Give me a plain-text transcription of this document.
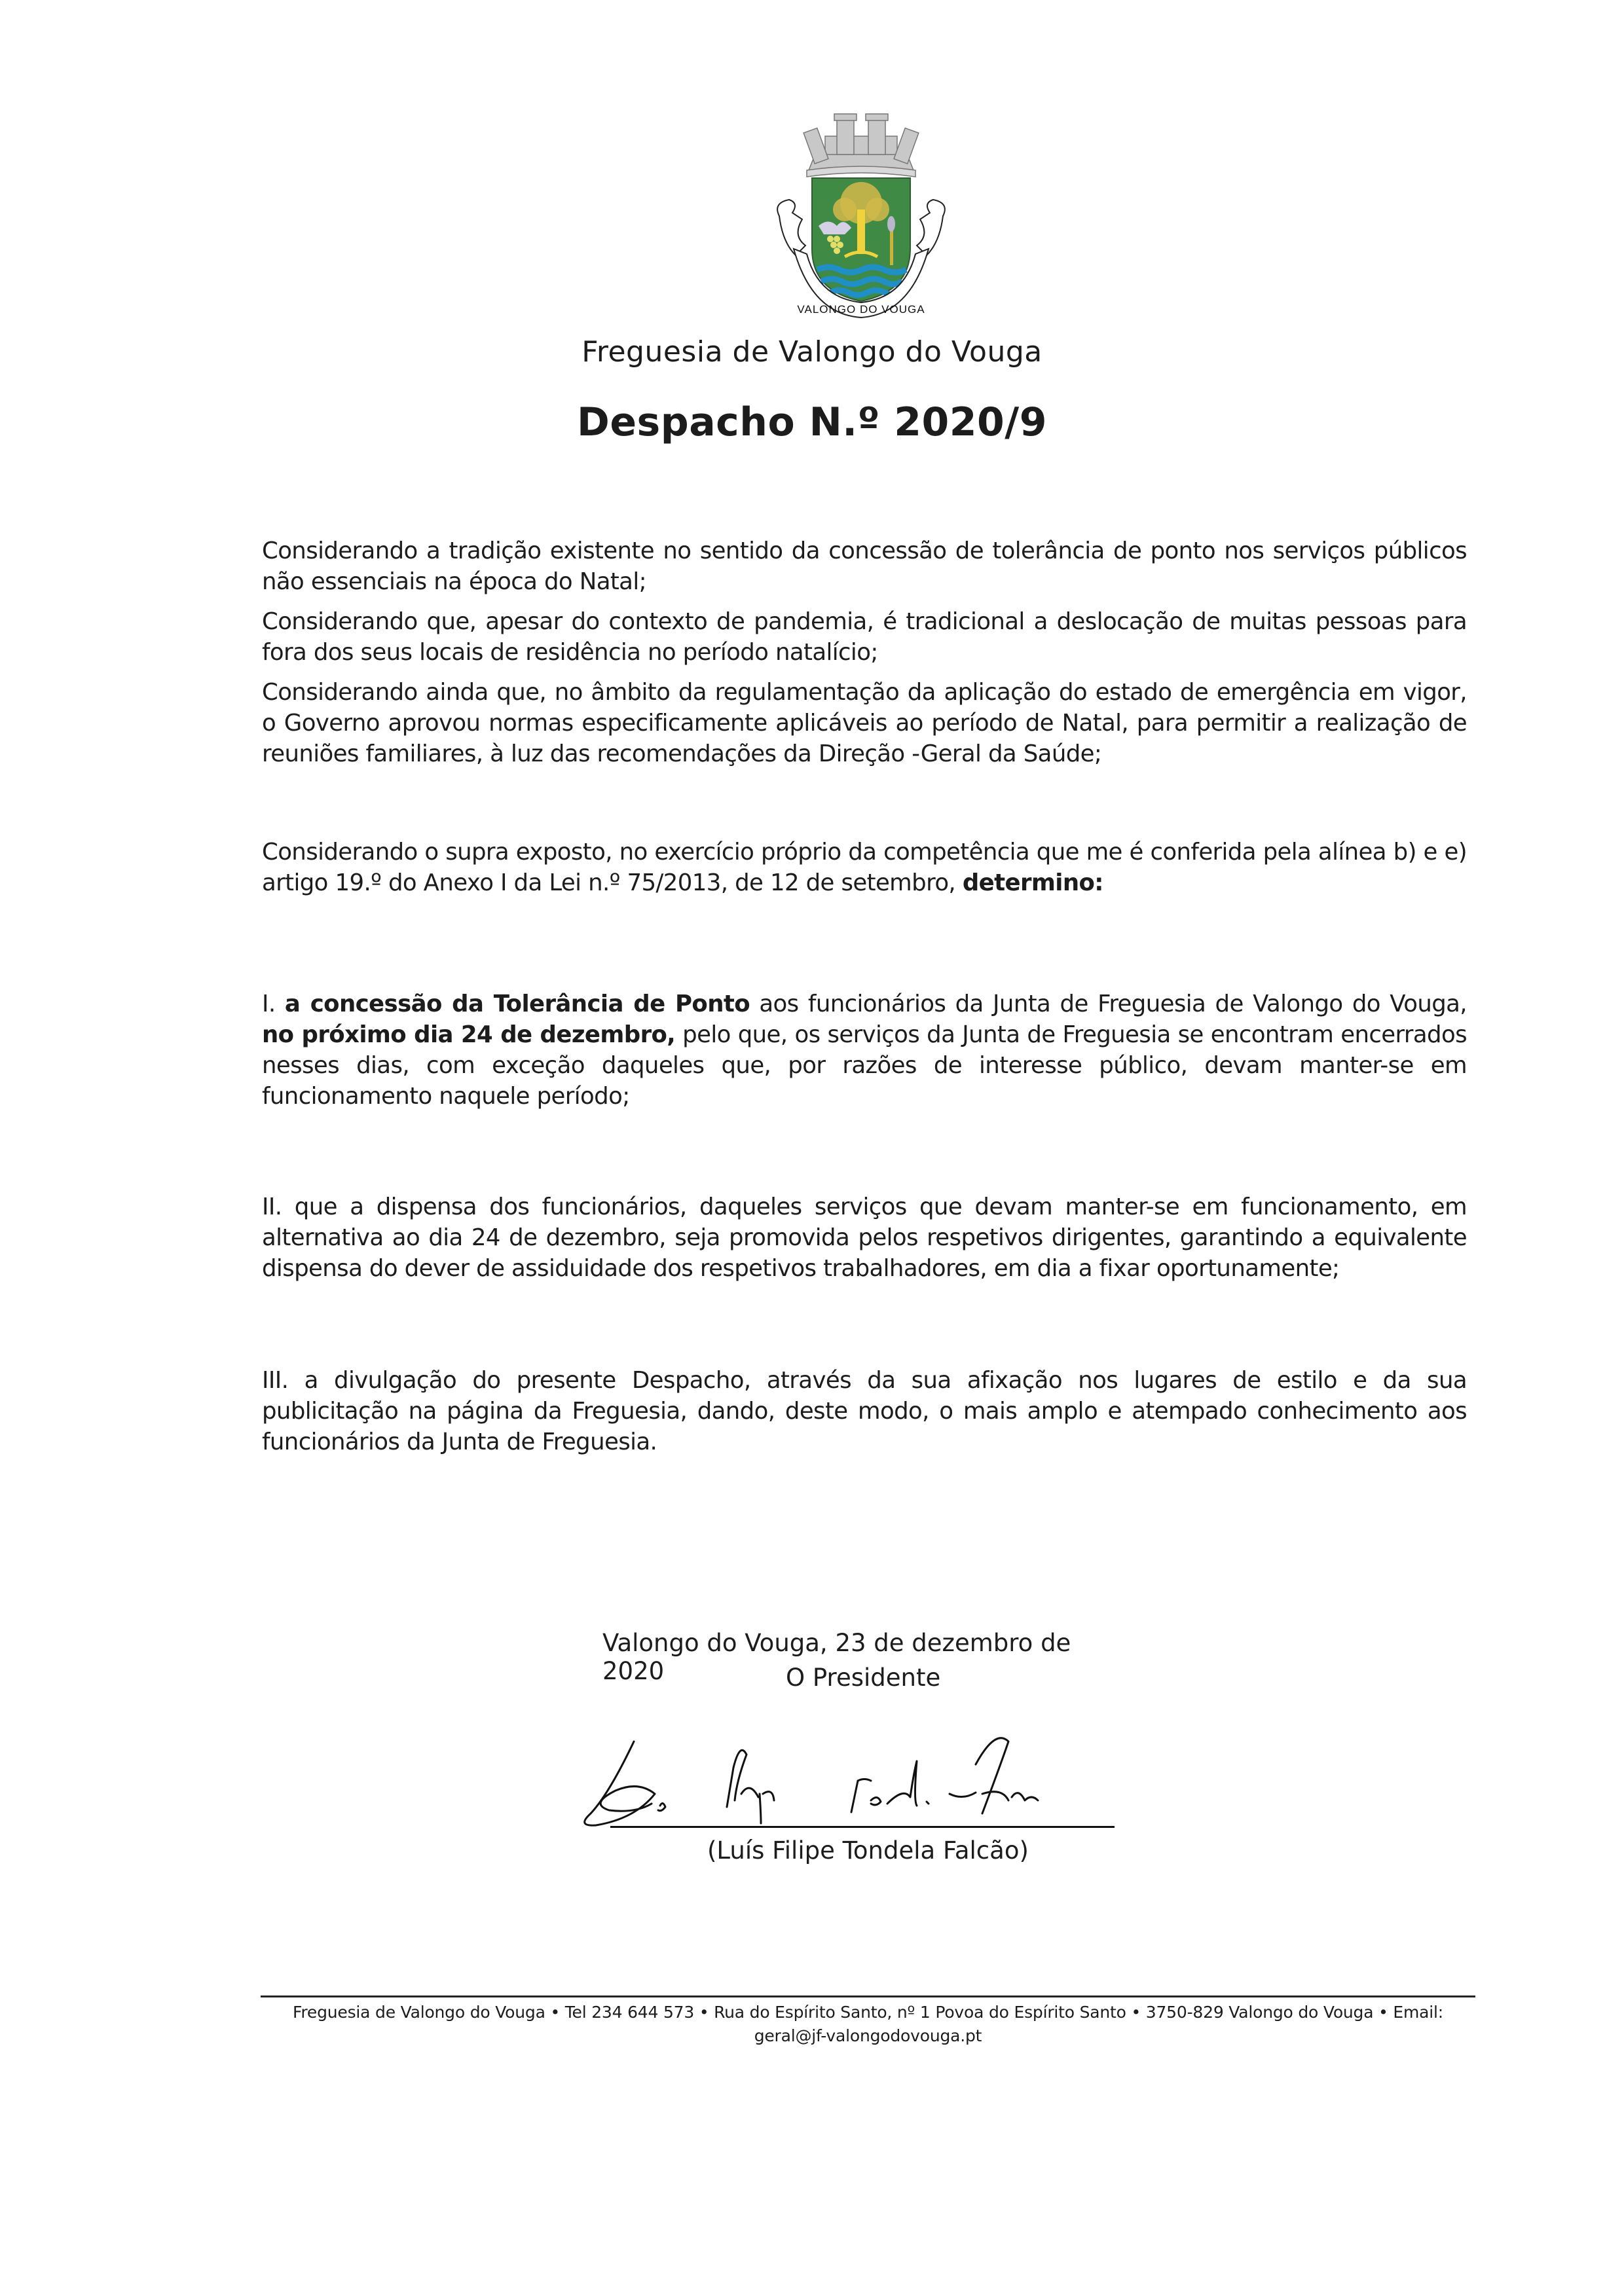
VALONGO DO VOUGA
Freguesia de Valongo do Vouga
Despacho N.º 2020/9

Considerando a tradição existente no sentido da concessão de tolerância de ponto nos serviços públicos não essenciais na época do Natal;

Considerando que, apesar do contexto de pandemia, é tradicional a deslocação de muitas pessoas para fora dos seus locais de residência no período natalício;

Considerando ainda que, no âmbito da regulamentação da aplicação do estado de emergência em vigor, o Governo aprovou normas especificamente aplicáveis ao período de Natal, para permitir a realização de reuniões familiares, à luz das recomendações da Direção -Geral da Saúde;

Considerando o supra exposto, no exercício próprio da competência que me é conferida pela alínea b) e e) artigo 19.º do Anexo I da Lei n.º 75/2013, de 12 de setembro, determino:

I. a concessão da Tolerância de Ponto aos funcionários da Junta de Freguesia de Valongo do Vouga, no próximo dia 24 de dezembro, pelo que, os serviços da Junta de Freguesia se encontram encerrados nesses dias, com exceção daqueles que, por razões de interesse público, devam manter-se em funcionamento naquele período;

II. que a dispensa dos funcionários, daqueles serviços que devam manter-se em funcionamento, em alternativa ao dia 24 de dezembro, seja promovida pelos respetivos dirigentes, garantindo a equivalente dispensa do dever de assiduidade dos respetivos trabalhadores, em dia a fixar oportunamente;

III. a divulgação do presente Despacho, através da sua afixação nos lugares de estilo e da sua publicitação na página da Freguesia, dando, deste modo, o mais amplo e atempado conhecimento aos funcionários da Junta de Freguesia.

Valongo do Vouga, 23 de dezembro de 2020	O Presidente
(Luís Filipe Tondela Falcão)
Freguesia de Valongo do Vouga • Tel 234 644 573 • Rua do Espírito Santo, nº 1 Povoa do Espírito Santo • 3750-829 Valongo do Vouga • Email:
geral@jf-valongodovouga.pt
